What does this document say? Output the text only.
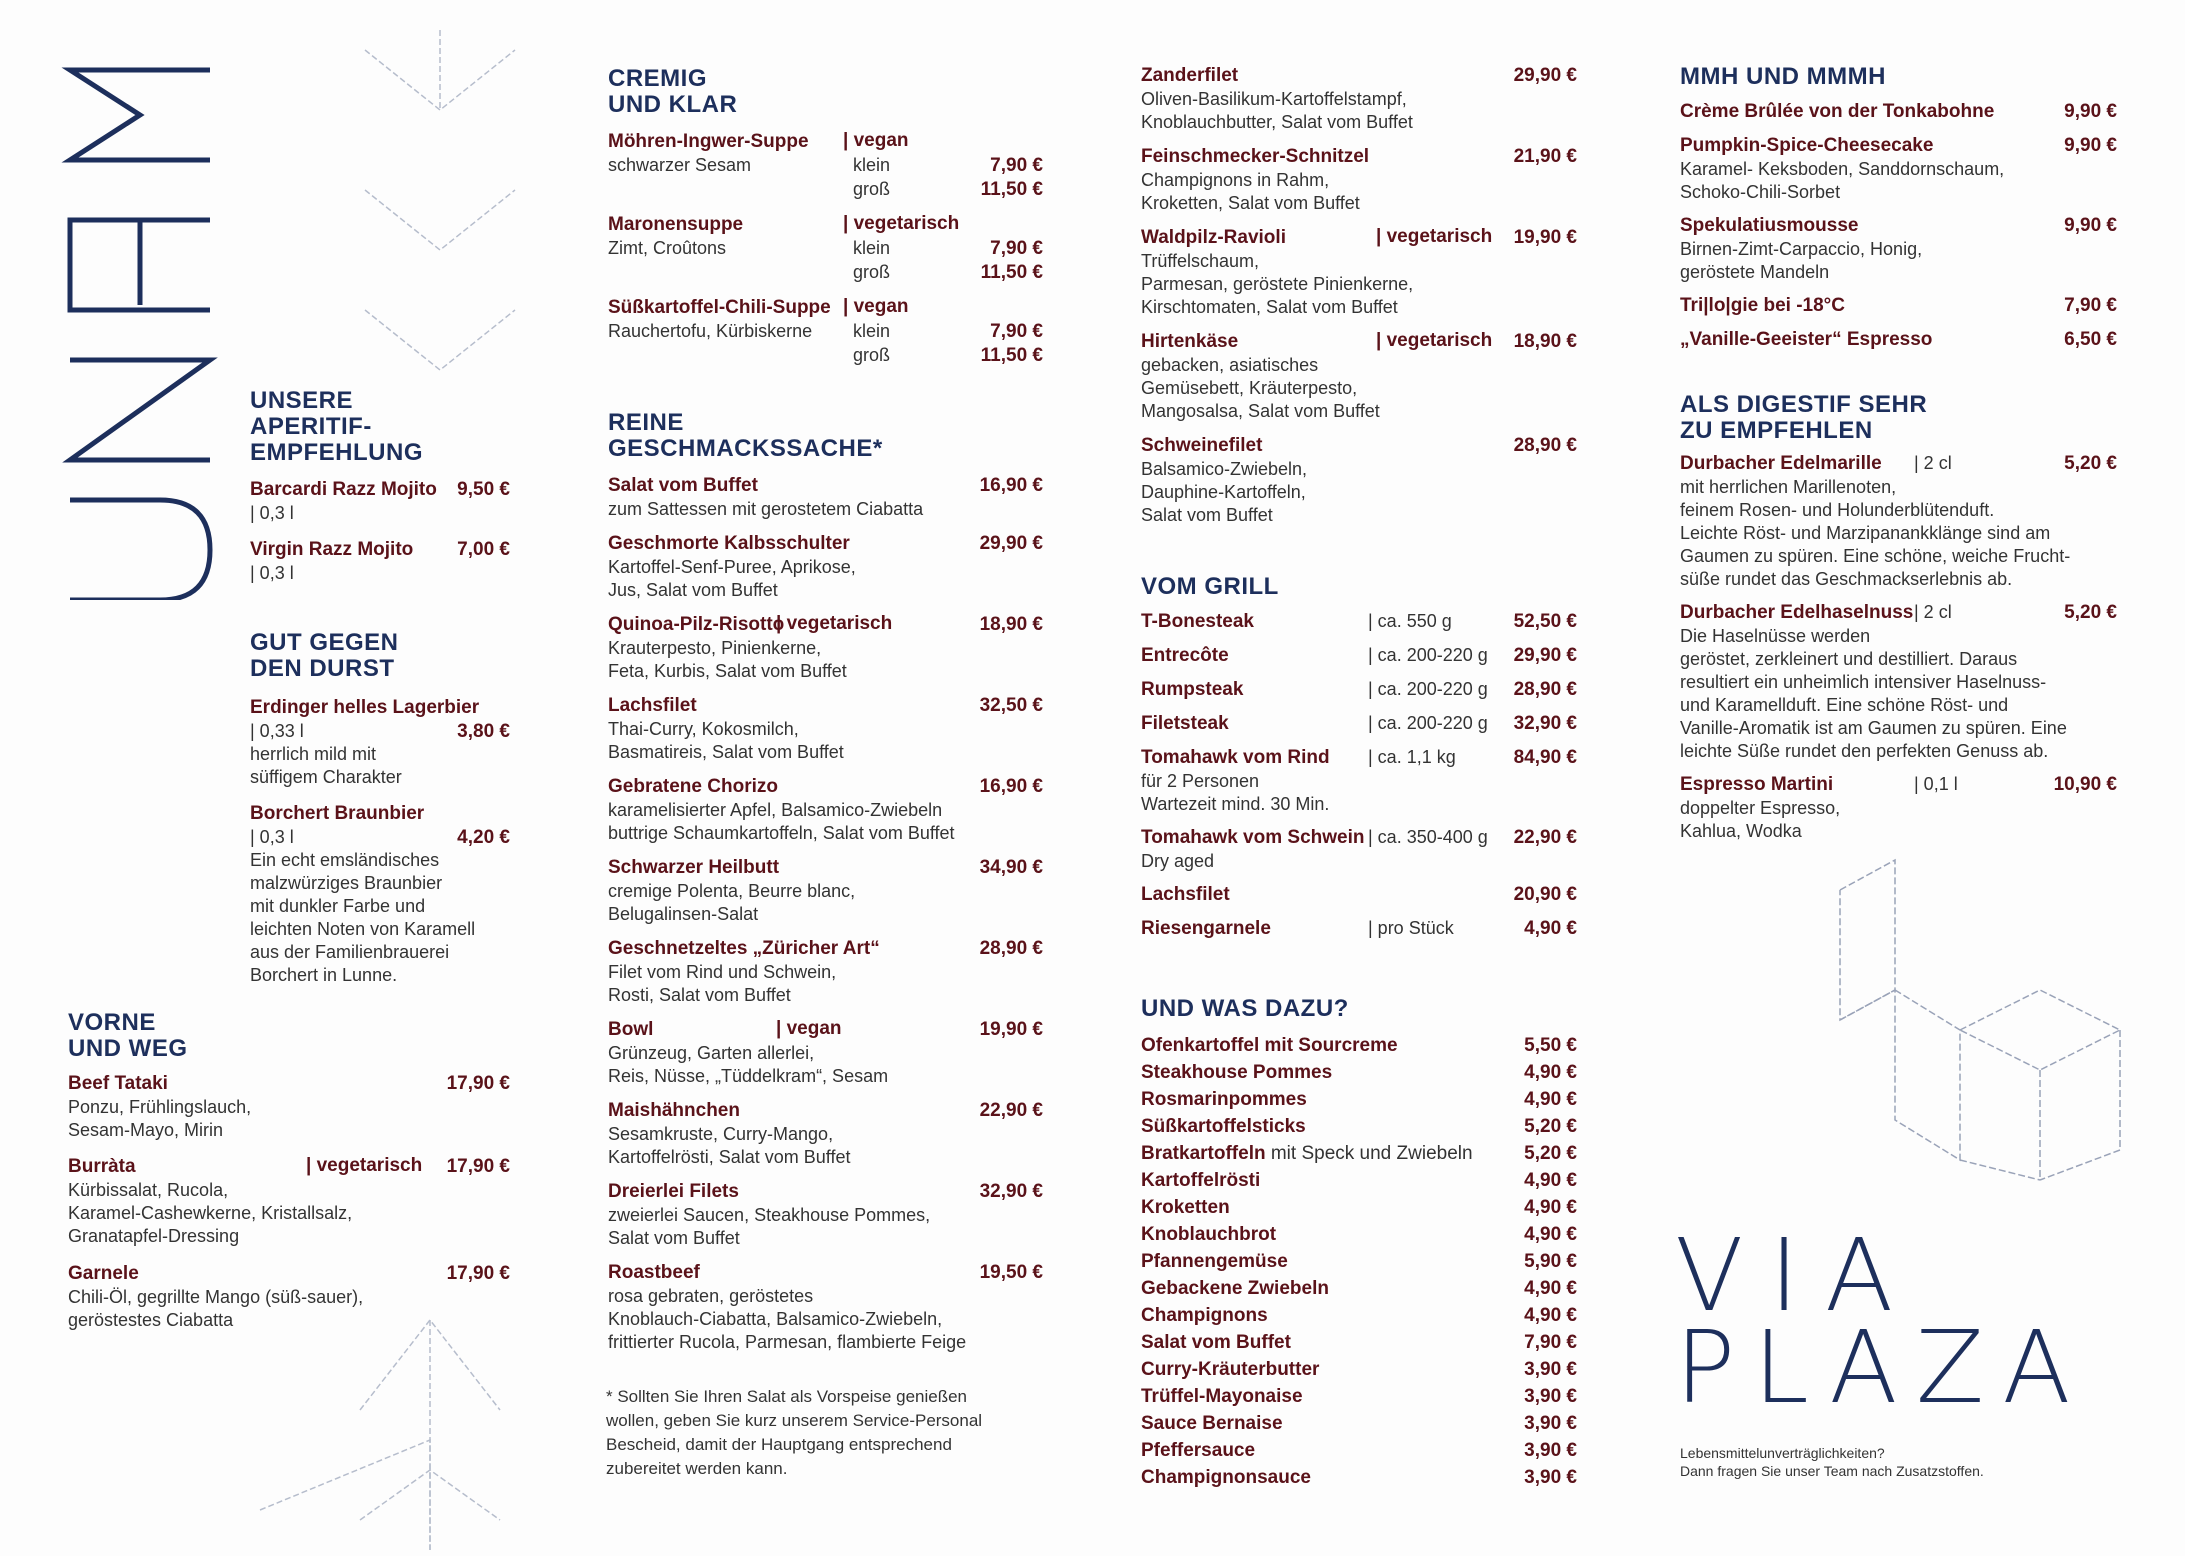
MENU
UNSERE
APERITIF-
EMPFEHLUNG
Barcardi Razz Mojito
| 0,3 l
9,50 €
Virgin Razz Mojito
| 0,3 l
7,00 €
GUT GEGEN
DEN DURST
Erdinger helles Lagerbier
| 0,33 l	3,80 €
herrlich mild mit
süffigem Charakter
Borchert Braunbier
| 0,3 l	4,20 €
Ein echt emsländisches
malzwürziges Braunbier
mit dunkler Farbe und
leichten Noten von Karamell
aus der Familienbrauerei
Borchert in Lunne.
VORNE
UND WEG
Beef Tataki	17,90 €
Ponzu, Frühlingslauch,
Sesam-Mayo, Mirin
Burràta	| vegetarisch 17,90 €
Kürbissalat, Rucola,
Karamel-Cashewkerne, Kristallsalz,
Granatapfel-Dressing
Garnele	17,90 €
Chili-Öl, gegrillte Mango (süß-sauer),
geröstestes Ciabatta
CREMIG
UND KLAR
Möhren-Ingwer-Suppe	| vegan
schwarzer Sesam	klein	7,90 €
groß	11,50 €
Maronensuppe	| vegetarisch
Zimt, Croûtons	klein	7,90 €
groß	11,50 €
Süßkartoffel-Chili-Suppe | vegan
Rauchertofu, Kürbiskerne	klein	7,90 €
groß	11,50 €
REINE
GESCHMACKSSACHE*
Salat vom Buffet	16,90 €
zum Sattessen mit gerostetem Ciabatta
Geschmorte Kalbsschulter	29,90 €
Kartoffel-Senf-Puree, Aprikose,
Jus, Salat vom Buffet
Quinoa-Pilz-Risotto
| vegetarisch	18,90 €
Krauterpesto, Pinienkerne,
Feta, Kurbis, Salat vom Buffet
Lachsfilet	32,50 €
Thai-Curry, Kokosmilch,
Basmatireis, Salat vom Buffet
Gebratene Chorizo	16,90 €
karamelisierter Apfel, Balsamico-Zwiebeln
buttrige Schaumkartoffeln, Salat vom Buffet
Schwarzer Heilbutt	34,90 €
cremige Polenta, Beurre blanc,
Belugalinsen-Salat
Geschnetzeltes „Züricher Art“	28,90 €
Filet vom Rind und Schwein,
Rosti, Salat vom Buffet
Bowl	| vegan	19,90 €
Grünzeug, Garten allerlei,
Reis, Nüsse, „Tüddelkram“, Sesam
Maishähnchen	22,90 €
Sesamkruste, Curry-Mango,
Kartoffelrösti, Salat vom Buffet
Dreierlei Filets	32,90 €
zweierlei Saucen, Steakhouse Pommes,
Salat vom Buffet
Roastbeef	19,50 €
rosa gebraten, geröstetes
Knoblauch-Ciabatta, Balsamico-Zwiebeln,
frittierter Rucola, Parmesan, flambierte Feige
* Sollten Sie Ihren Salat als Vorspeise genießen
wollen, geben Sie kurz unserem Service-Personal
Bescheid, damit der Hauptgang entsprechend
zubereitet werden kann.
Zanderfilet	29,90 €
Oliven-Basilikum-Kartoffelstampf,
Knoblauchbutter, Salat vom Buffet
Feinschmecker-Schnitzel	21,90 €
Champignons in Rahm,
Kroketten, Salat vom Buffet
Waldpilz-Ravioli	| vegetarisch 19,90 €
Trüffelschaum,
Parmesan, geröstete Pinienkerne,
Kirschtomaten, Salat vom Buffet
Hirtenkäse	| vegetarisch 18,90 €
gebacken, asiatisches
Gemüsebett, Kräuterpesto,
Mangosalsa, Salat vom Buffet
Schweinefilet	28,90 €
Balsamico-Zwiebeln,
Dauphine-Kartoffeln,
Salat vom Buffet
VOM GRILL
T-Bonesteak	| ca. 550 g	52,50 €
Entrecôte	| ca. 200-220 g 29,90 €
Rumpsteak	| ca. 200-220 g 28,90 €
Filetsteak	| ca. 200-220 g 32,90 €
Tomahawk vom Rind	| ca. 1,1 kg	84,90 €
für 2 Personen
Wartezeit mind. 30 Min.
Tomahawk vom Schwein | ca. 350-400 g 22,90 €
Dry aged
Lachsfilet	20,90 €
Riesengarnele	| pro Stück	4,90 €
UND WAS DAZU?
Ofenkartoffel mit Sourcreme	5,50 €
Steakhouse Pommes	4,90 €
Rosmarinpommes	4,90 €
Süßkartoffelsticks	5,20 €
Bratkartoffeln mit Speck und Zwiebeln	5,20 €
Kartoffelrösti	4,90 €
Kroketten	4,90 €
Knoblauchbrot	4,90 €
Pfannengemüse	5,90 €
Gebackene Zwiebeln	4,90 €
Champignons	4,90 €
Salat vom Buffet	7,90 €
Curry-Kräuterbutter	3,90 €
Trüffel-Mayonaise	3,90 €
Sauce Bernaise	3,90 €
Pfeffersauce	3,90 €
Champignonsauce	3,90 €
MMH UND MMMH
Crème Brûlée von der Tonkabohne	9,90 €
Pumpkin-Spice-Cheesecake	9,90 €
Karamel- Keksboden, Sanddornschaum,
Schoko-Chili-Sorbet
Spekulatiusmousse	9,90 €
Birnen-Zimt-Carpaccio, Honig,
geröstete Mandeln
Tri|lo|gie bei -18°C	7,90 €
„Vanille-Geeister“ Espresso	6,50 €
ALS DIGESTIF SEHR
ZU EMPFEHLEN
Durbacher Edelmarille	| 2 cl	5,20 €
mit herrlichen Marillenoten,
feinem Rosen- und Holunderblütenduft.
Leichte Röst- und Marzipanankklänge sind am
Gaumen zu spüren. Eine schöne, weiche Frucht-
süße rundet das Geschmackserlebnis ab.
Durbacher Edelhaselnuss | 2 cl	5,20 €
Die Haselnüsse werden
geröstet, zerkleinert und destilliert. Daraus
resultiert ein unheimlich intensiver Haselnuss-
und Karamellduft. Eine schöne Röst- und
Vanille-Aromatik ist am Gaumen zu spüren. Eine
leichte Süße rundet den perfekten Genuss ab.
Espresso Martini	| 0,1 l	10,90 €
doppelter Espresso,
Kahlua, Wodka
VIA
PLAZA
Lebensmittelunverträglichkeiten?
Dann fragen Sie unser Team nach Zusatzstoffen.
